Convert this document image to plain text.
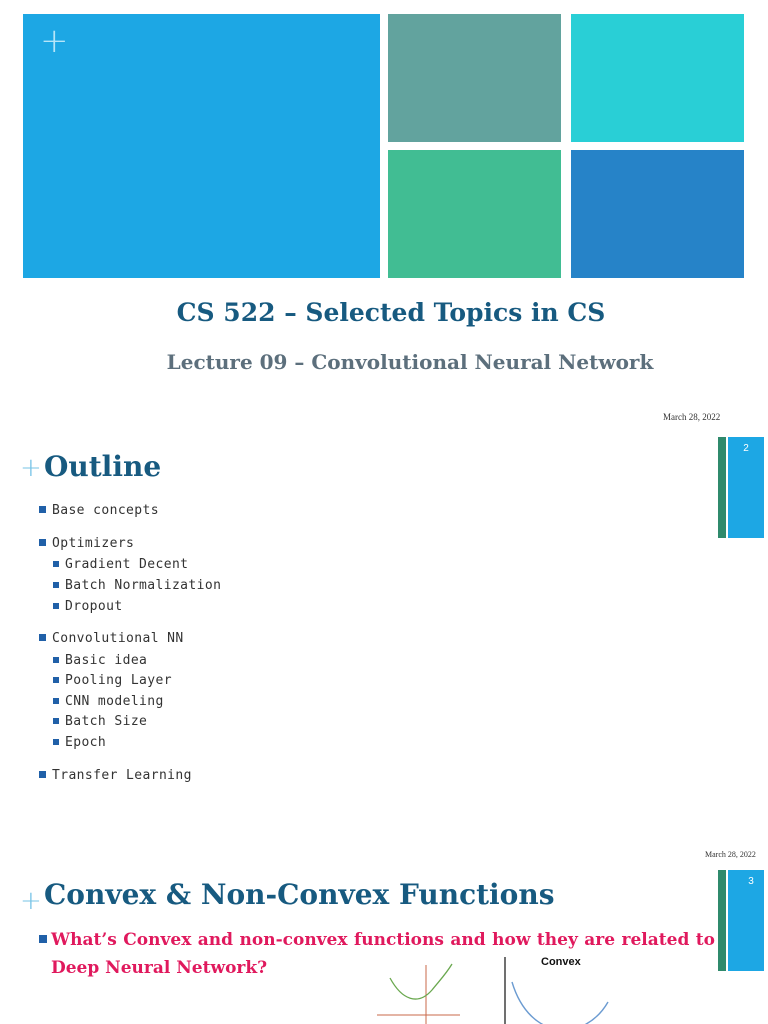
+
CS 522 – Selected Topics in CS
Lecture 09 – Convolutional Neural Network
March 28, 2022
2
+ Outline
Base concepts
Optimizers
Gradient Decent
Batch Normalization
Dropout
Convolutional NN
Basic idea
Pooling Layer
CNN modeling
Batch Size
Epoch
Transfer Learning
March 28, 2022
3
+ Convex & Non-Convex Functions
What’s Convex and non-convex functions and how they are related to
Deep Neural Network?	Convex
